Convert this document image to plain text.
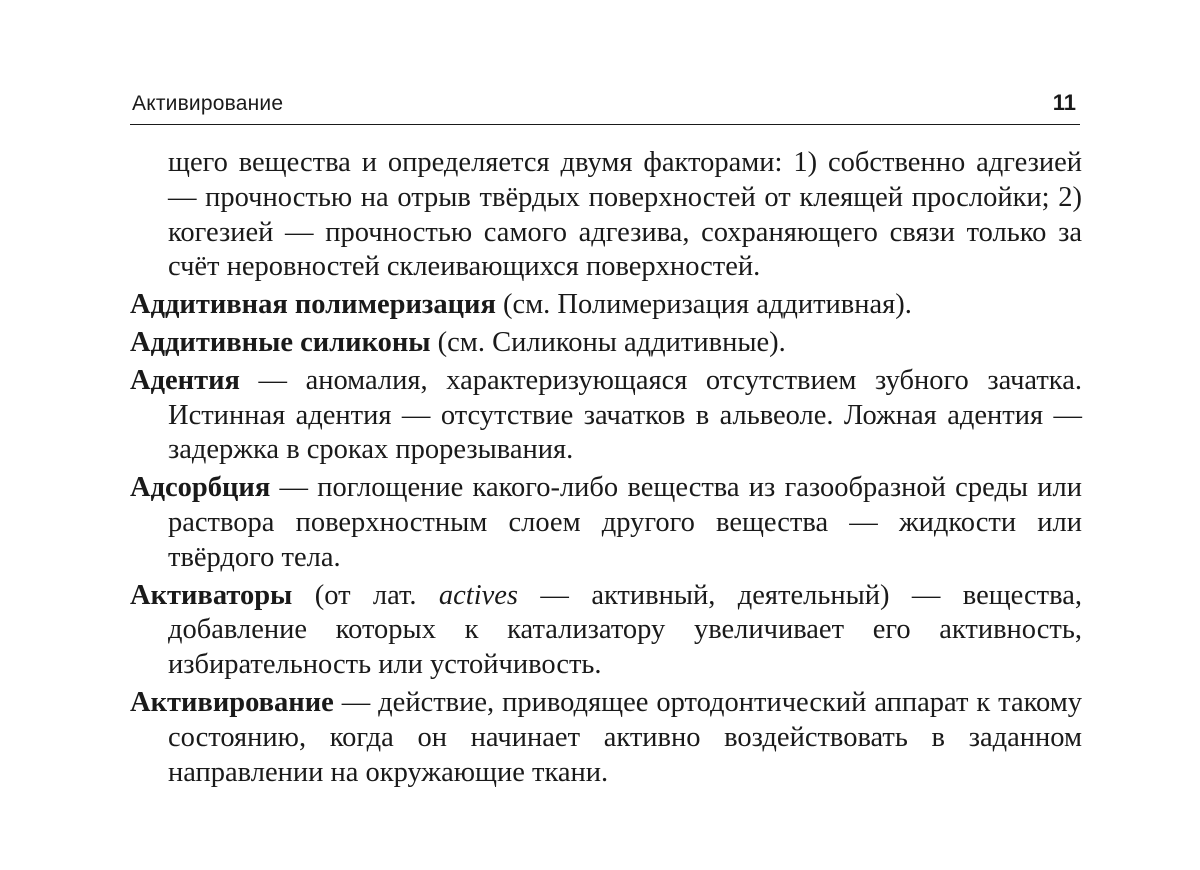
Активирование	11

щего вещества и определяется двумя факторами: 1) собственно адгезией — прочностью на отрыв твёрдых поверхностей от клеящей прослойки; 2) когезией — прочностью самого адгезива, сохраняющего связи только за счёт неровностей склеивающихся поверхностей.

Аддитивная полимеризация (см. Полимеризация аддитивная).

Аддитивные силиконы (см. Силиконы аддитивные).

Адентия — аномалия, характеризующаяся отсутствием зубного зачатка. Истинная адентия — отсутствие зачатков в альвеоле. Ложная адентия — задержка в сроках прорезывания.

Адсорбция — поглощение какого-либо вещества из газообразной среды или раствора поверхностным слоем другого вещества — жидкости или твёрдого тела.

Активаторы (от лат. actives — активный, деятельный) — вещества, добавление которых к катализатору увеличивает его активность, избирательность или устойчивость.

Активирование — действие, приводящее ортодонтический аппарат к такому состоянию, когда он начинает активно воздействовать в заданном направлении на окружающие ткани.
